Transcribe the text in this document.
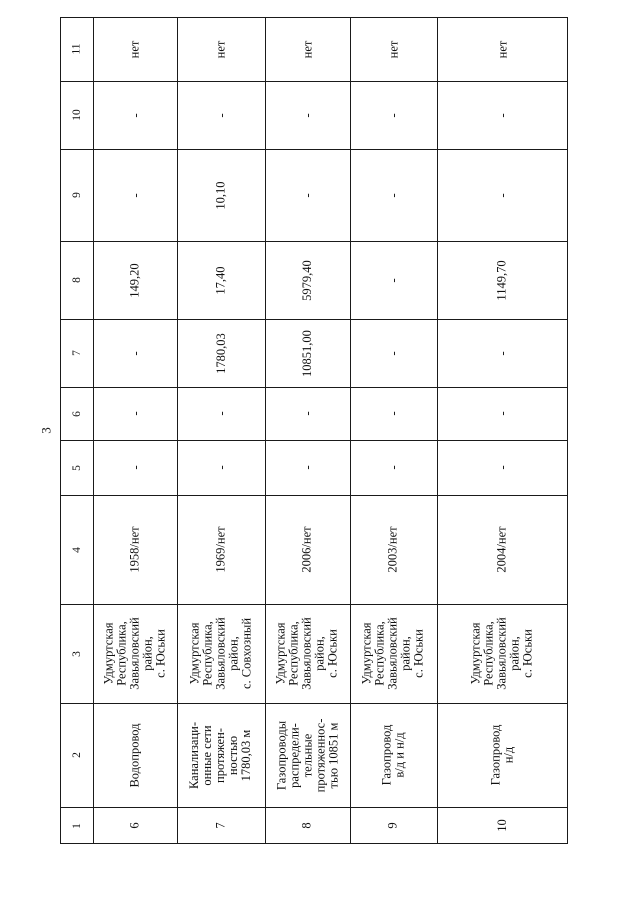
3
1
2
3
4
5
6
7
8
9
10
11
6
Водопровод
Удмуртская
Республика,
Завьяловский
район,
с. Юськи
1958/нет
-
-
-
149,20
-
-
нет
7
Канализаци-
онные сети
протяжен-
ностью
1780,03 м
Удмуртская
Республика,
Завьяловский
район,
с. Совхозный
1969/нет
-
-
1780,03
17,40
10,10
-
нет
8
Газопроводы
распредели-
тельные
протяженнос-
тью 10851 м
Удмуртская
Республика,
Завьяловский
район,
с. Юськи
2006/нет
-
-
10851,00
5979,40
-
-
нет
9
Газопровод
в/д и н/д
Удмуртская
Республика,
Завьяловский
район,
с. Юськи
2003/нет
-
-
-
-
-
-
нет
10
Газопровод
н/д
Удмуртская
Республика,
Завьяловский
район,
с. Юськи
2004/нет
-
-
-
1149,70
-
-
нет
